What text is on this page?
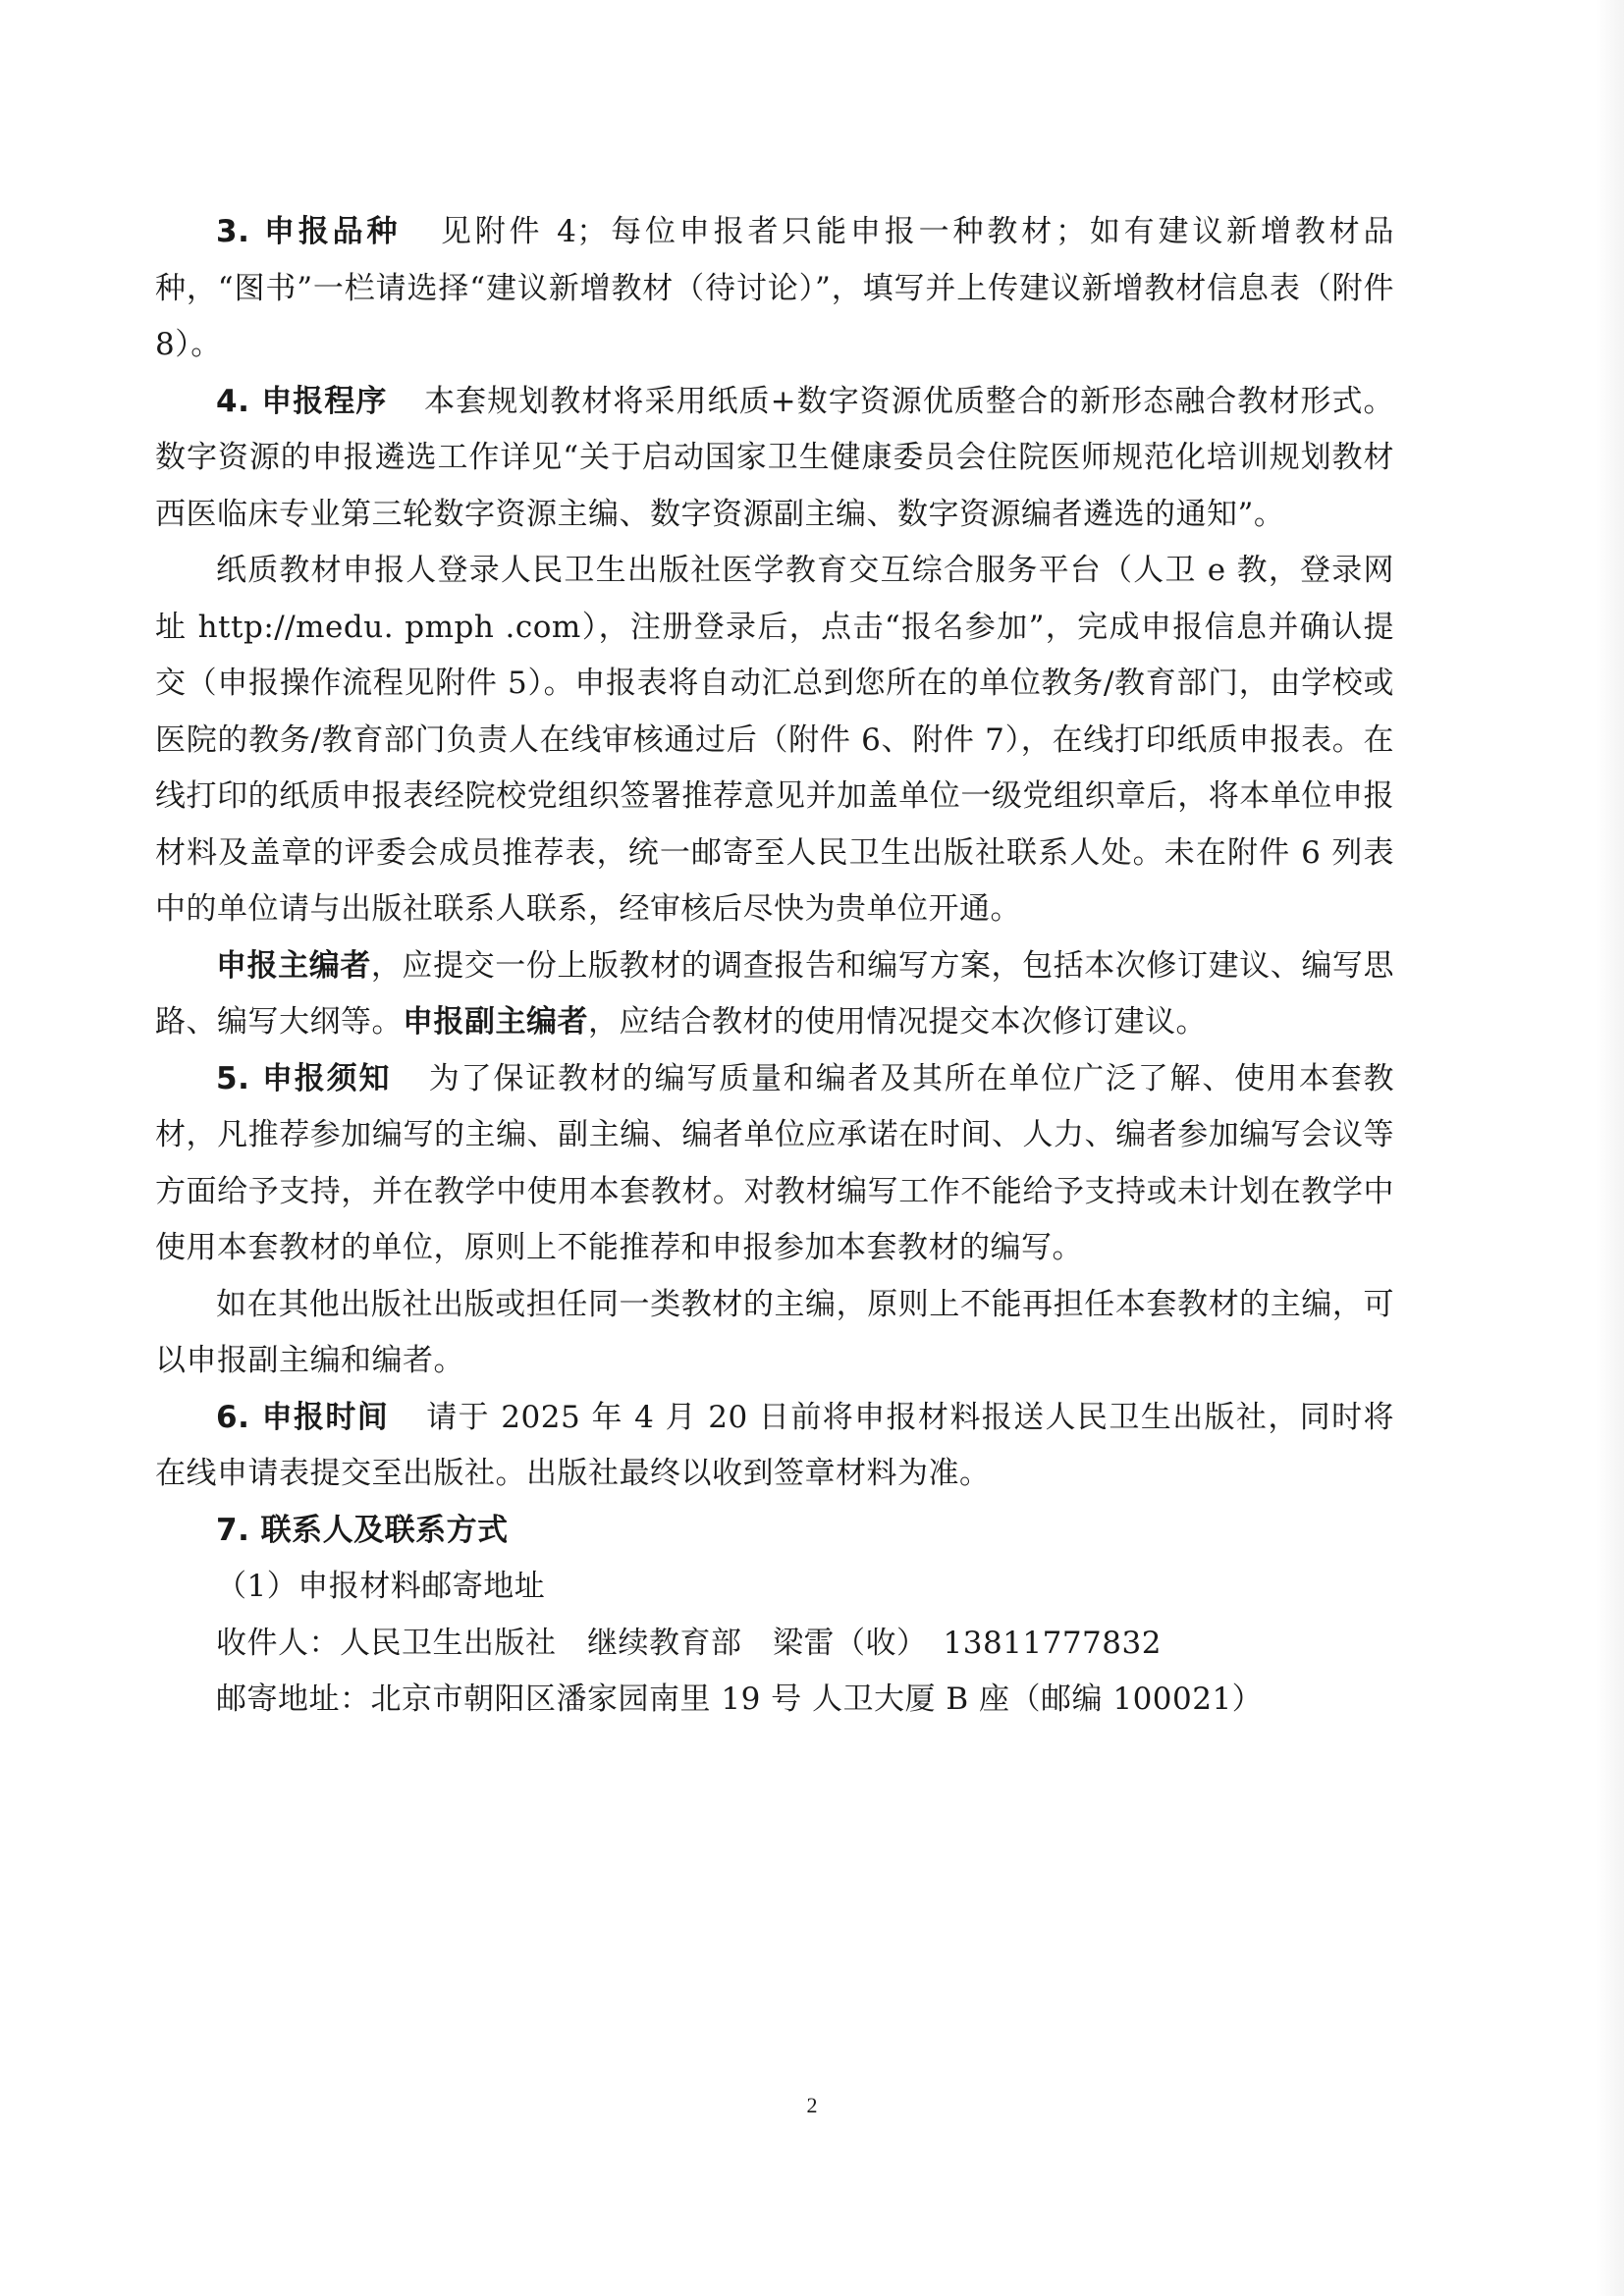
3. 申报品种 见附件 4；每位申报者只能申报一种教材；如有建议新增教材品种，“图书”一栏请选择“建议新增教材（待讨论）”，填写并上传建议新增教材信息表（附件 8）。

4. 申报程序 本套规划教材将采用纸质+数字资源优质整合的新形态融合教材形式。数字资源的申报遴选工作详见“关于启动国家卫生健康委员会住院医师规范化培训规划教材西医临床专业第三轮数字资源主编、数字资源副主编、数字资源编者遴选的通知”。

纸质教材申报人登录人民卫生出版社医学教育交互综合服务平台（人卫 e 教，登录网址 http://medu. pmph .com），注册登录后，点击“报名参加”，完成申报信息并确认提交（申报操作流程见附件 5）。申报表将自动汇总到您所在的单位教务/教育部门，由学校或医院的教务/教育部门负责人在线审核通过后（附件 6、附件 7），在线打印纸质申报表。在线打印的纸质申报表经院校党组织签署推荐意见并加盖单位一级党组织章后，将本单位申报材料及盖章的评委会成员推荐表，统一邮寄至人民卫生出版社联系人处。未在附件 6 列表中的单位请与出版社联系人联系，经审核后尽快为贵单位开通。

申报主编者，应提交一份上版教材的调查报告和编写方案，包括本次修订建议、编写思路、编写大纲等。申报副主编者，应结合教材的使用情况提交本次修订建议。

5. 申报须知 为了保证教材的编写质量和编者及其所在单位广泛了解、使用本套教材，凡推荐参加编写的主编、副主编、编者单位应承诺在时间、人力、编者参加编写会议等方面给予支持，并在教学中使用本套教材。对教材编写工作不能给予支持或未计划在教学中使用本套教材的单位，原则上不能推荐和申报参加本套教材的编写。

如在其他出版社出版或担任同一类教材的主编，原则上不能再担任本套教材的主编，可以申报副主编和编者。

6. 申报时间 请于 2025 年 4 月 20 日前将申报材料报送人民卫生出版社，同时将在线申请表提交至出版社。出版社最终以收到签章材料为准。

7. 联系人及联系方式

（1）申报材料邮寄地址

收件人：人民卫生出版社　继续教育部　梁雷（收）　13811777832

邮寄地址：北京市朝阳区潘家园南里 19 号 人卫大厦 B 座（邮编 100021）

2
